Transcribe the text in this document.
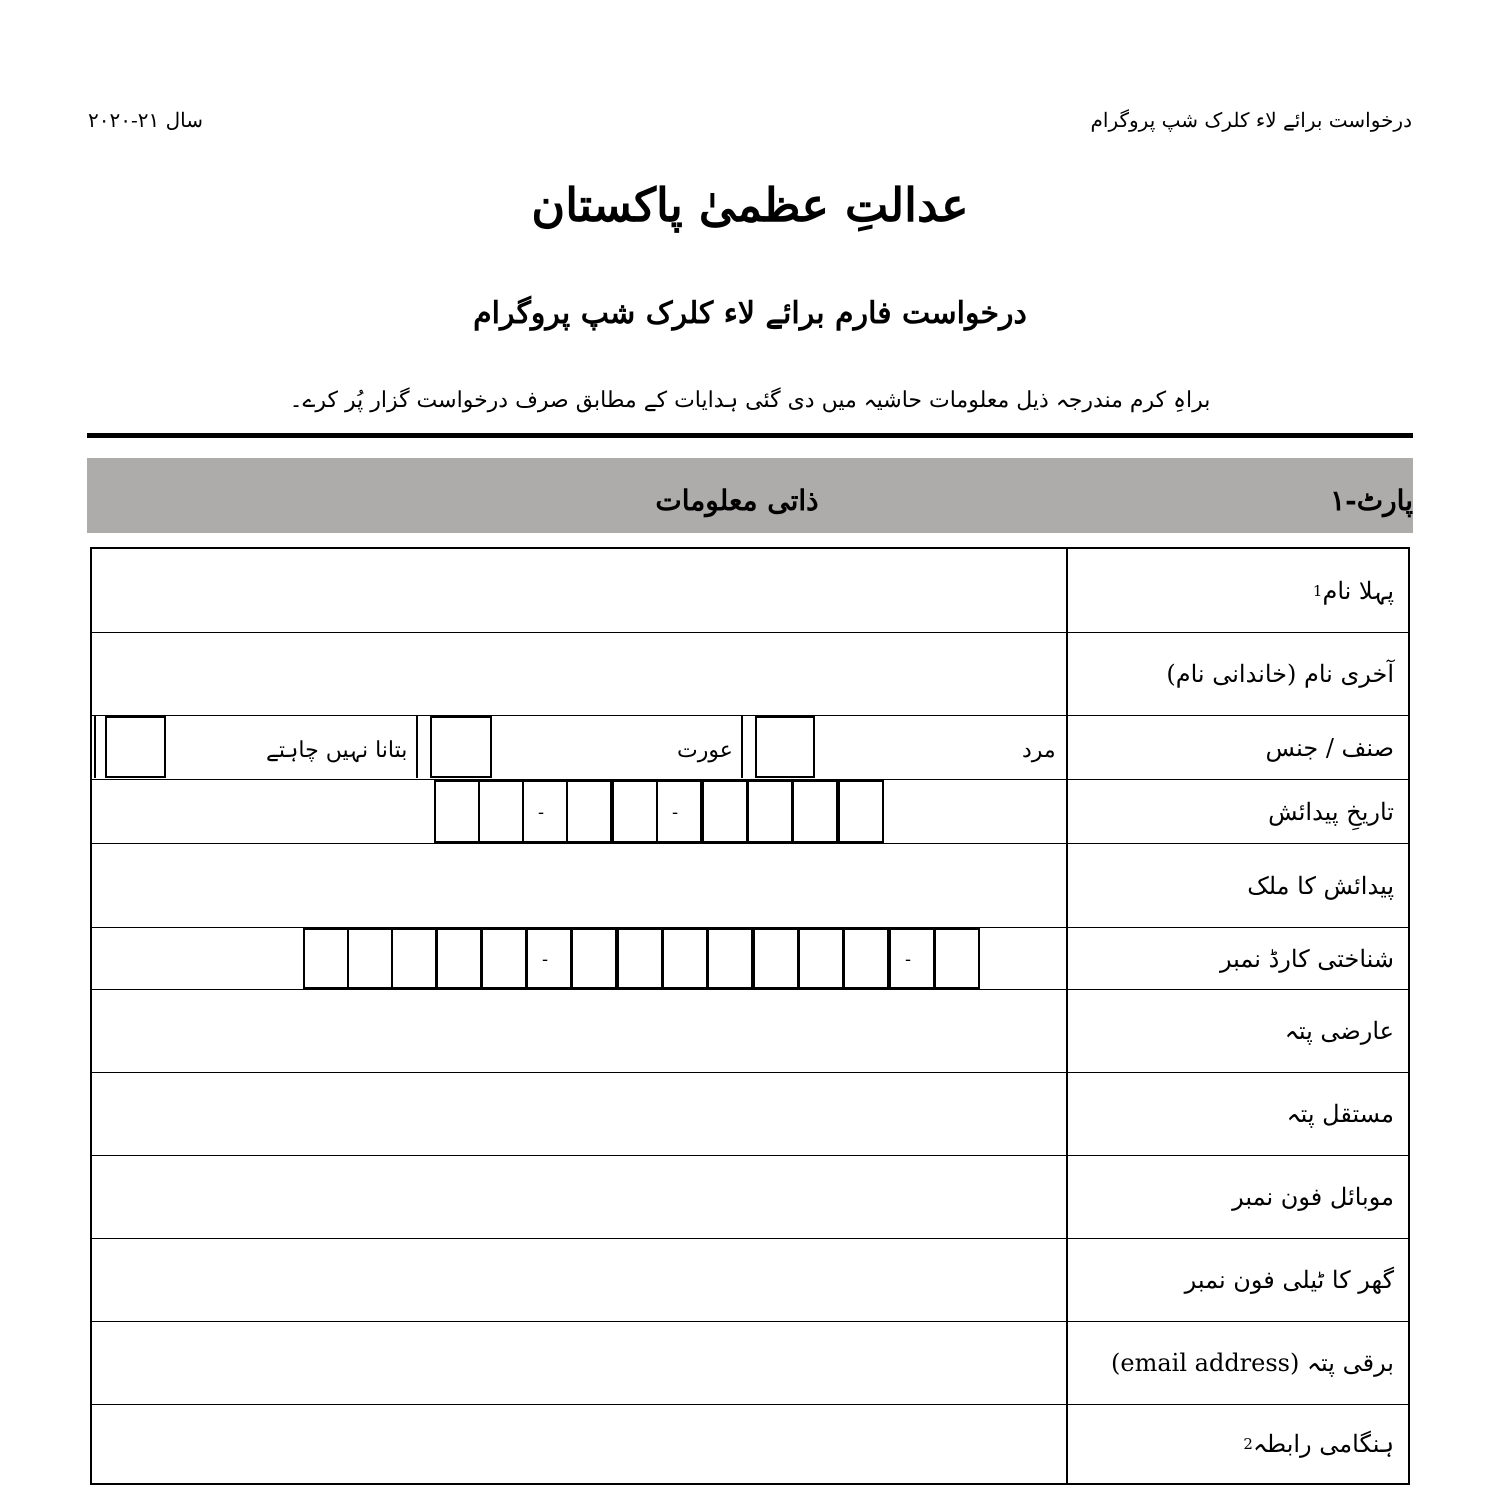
درخواست برائے لاء کلرک شپ پروگرام
سال ۲۱-۲۰۲۰
عدالتِ عظمیٰ پاکستان
درخواست فارم برائے لاء کلرک شپ پروگرام
براہِ کرم مندرجہ ذیل معلومات حاشیہ میں دی گئی ہدایات کے مطابق صرف درخواست گزار پُر کرے۔
پارٹ-۱
ذاتی معلومات
پہلا نام
1
آخری نام (خاندانی نام)
صنف / جنس
مرد
عورت
بتانا نہیں چاہتے
تاریخِ پیدائش
-	-
پیدائش کا ملک
شناختی کارڈ نمبر
-	-
عارضی پتہ
مستقل پتہ
موبائل فون نمبر
گھر کا ٹیلی فون نمبر
برقی پتہ (email address)
ہنگامی رابطہ
2
